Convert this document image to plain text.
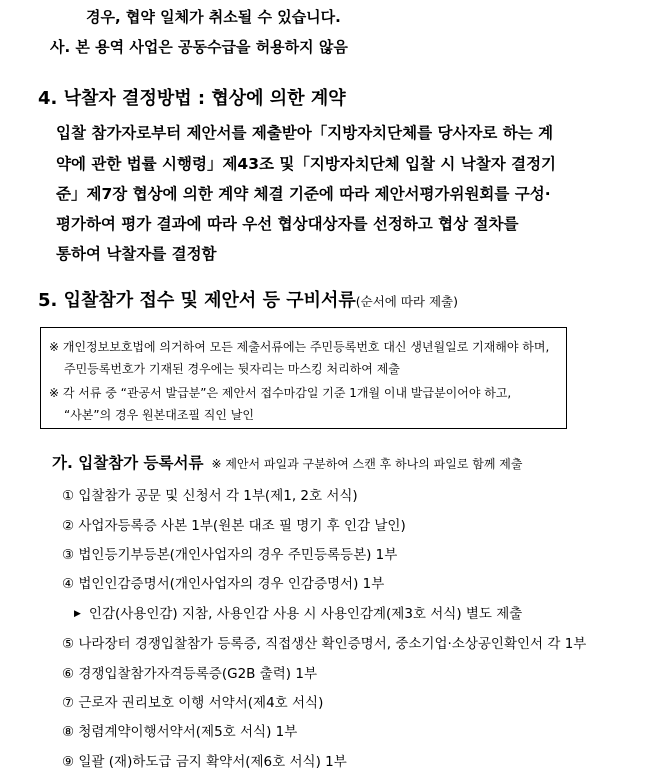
경우, 협약 일체가 취소될 수 있습니다.
사. 본 용역 사업은 공동수급을 허용하지 않음
4. 낙찰자 결정방법 : 협상에 의한 계약
입찰 참가자로부터 제안서를 제출받아「지방자치단체를 당사자로 하는 계
약에 관한 법률 시행령」제43조 및「지방자치단체 입찰 시 낙찰자 결정기
준」제7장 협상에 의한 계약 체결 기준에 따라 제안서평가위원회를 구성·
평가하여 평가 결과에 따라 우선 협상대상자를 선정하고 협상 절차를
통하여 낙찰자를 결정함
5. 입찰참가 접수 및 제안서 등 구비서류(순서에 따라 제출)
※ 개인정보보호법에 의거하여 모든 제출서류에는 주민등록번호 대신 생년월일로 기재해야 하며,
주민등록번호가 기재된 경우에는 뒷자리는 마스킹 처리하여 제출
※ 각 서류 중 “관공서 발급분”은 제안서 접수마감일 기준 1개월 이내 발급분이어야 하고,
“사본”의 경우 원본대조필 직인 날인
가. 입찰참가 등록서류 ※ 제안서 파일과 구분하여 스캔 후 하나의 파일로 함께 제출
① 입찰참가 공문 및 신청서 각 1부(제1, 2호 서식)
② 사업자등록증 사본 1부(원본 대조 필 명기 후 인감 날인)
③ 법인등기부등본(개인사업자의 경우 주민등록등본) 1부
④ 법인인감증명서(개인사업자의 경우 인감증명서) 1부
▶ 인감(사용인감) 지참, 사용인감 사용 시 사용인감계(제3호 서식) 별도 제출
⑤ 나라장터 경쟁입찰참가 등록증, 직접생산 확인증명서, 중소기업·소상공인확인서 각 1부
⑥ 경쟁입찰참가자격등록증(G2B 출력) 1부
⑦ 근로자 권리보호 이행 서약서(제4호 서식)
⑧ 청렴계약이행서약서(제5호 서식) 1부
⑨ 일괄 (재)하도급 금지 확약서(제6호 서식) 1부
